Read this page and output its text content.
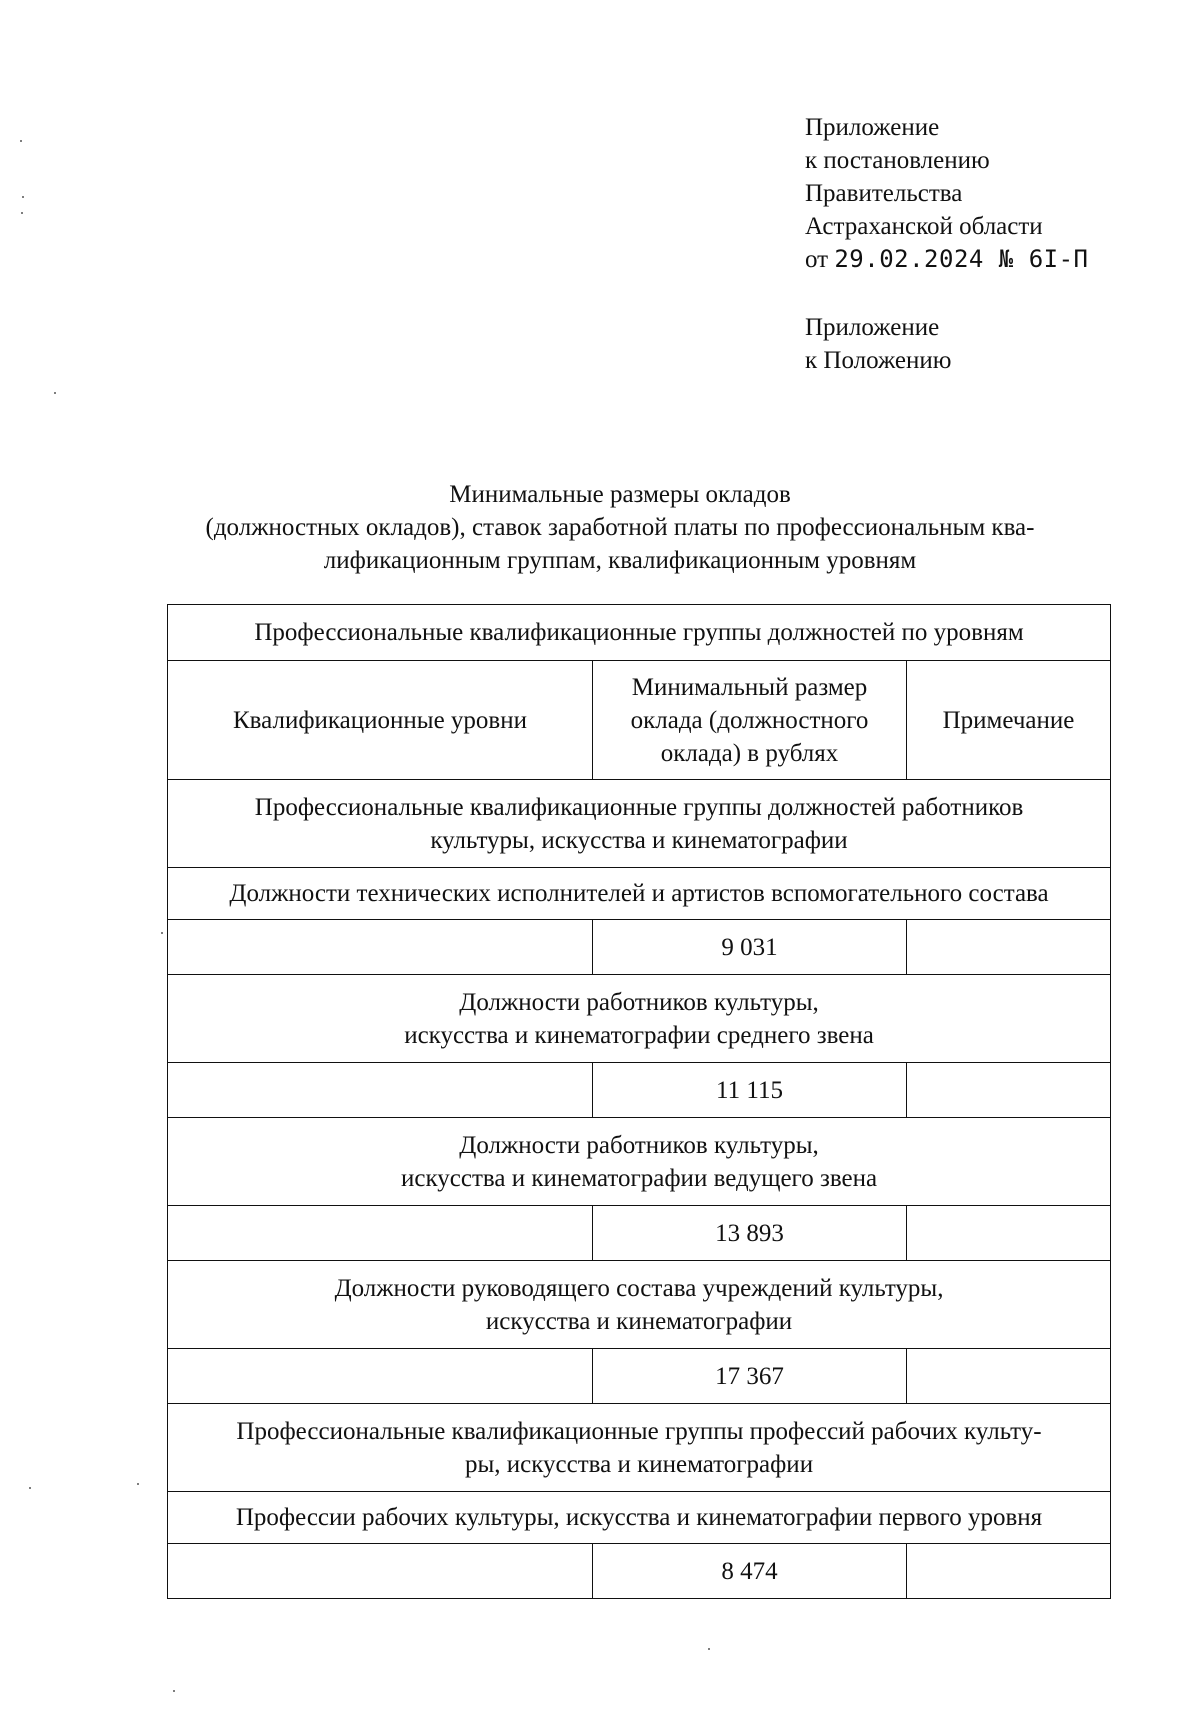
Приложение
к постановлению
Правительства
Астраханской области
от 29.02.2024 № 6I-П
Приложение
к Положению
Минимальные размеры окладов
(должностных окладов), ставок заработной платы по профессиональным ква-
лификационным группам, квалификационным уровням
Профессиональные квалификационные группы должностей по уровням		
Квалификационные уровни	Минимальный размер
оклада (должностного
оклада) в рублях	Примечание

Профессиональные квалификационные группы должностей работников
культуры, искусства и кинематографии		

Должности технических исполнителей и артистов вспомогательного состава		
	9 031	

Должности работников культуры,
искусства и кинематографии среднего звена		

	11 115	

Должности работников культуры,
искусства и кинематографии ведущего звена		

	13 893	

Должности руководящего состава учреждений культуры,
искусства и кинематографии		

	17 367	

Профессиональные квалификационные группы профессий рабочих культу-
ры, искусства и кинематографии		

Профессии рабочих культуры, искусства и кинематографии первого уровня		
	8 474	
